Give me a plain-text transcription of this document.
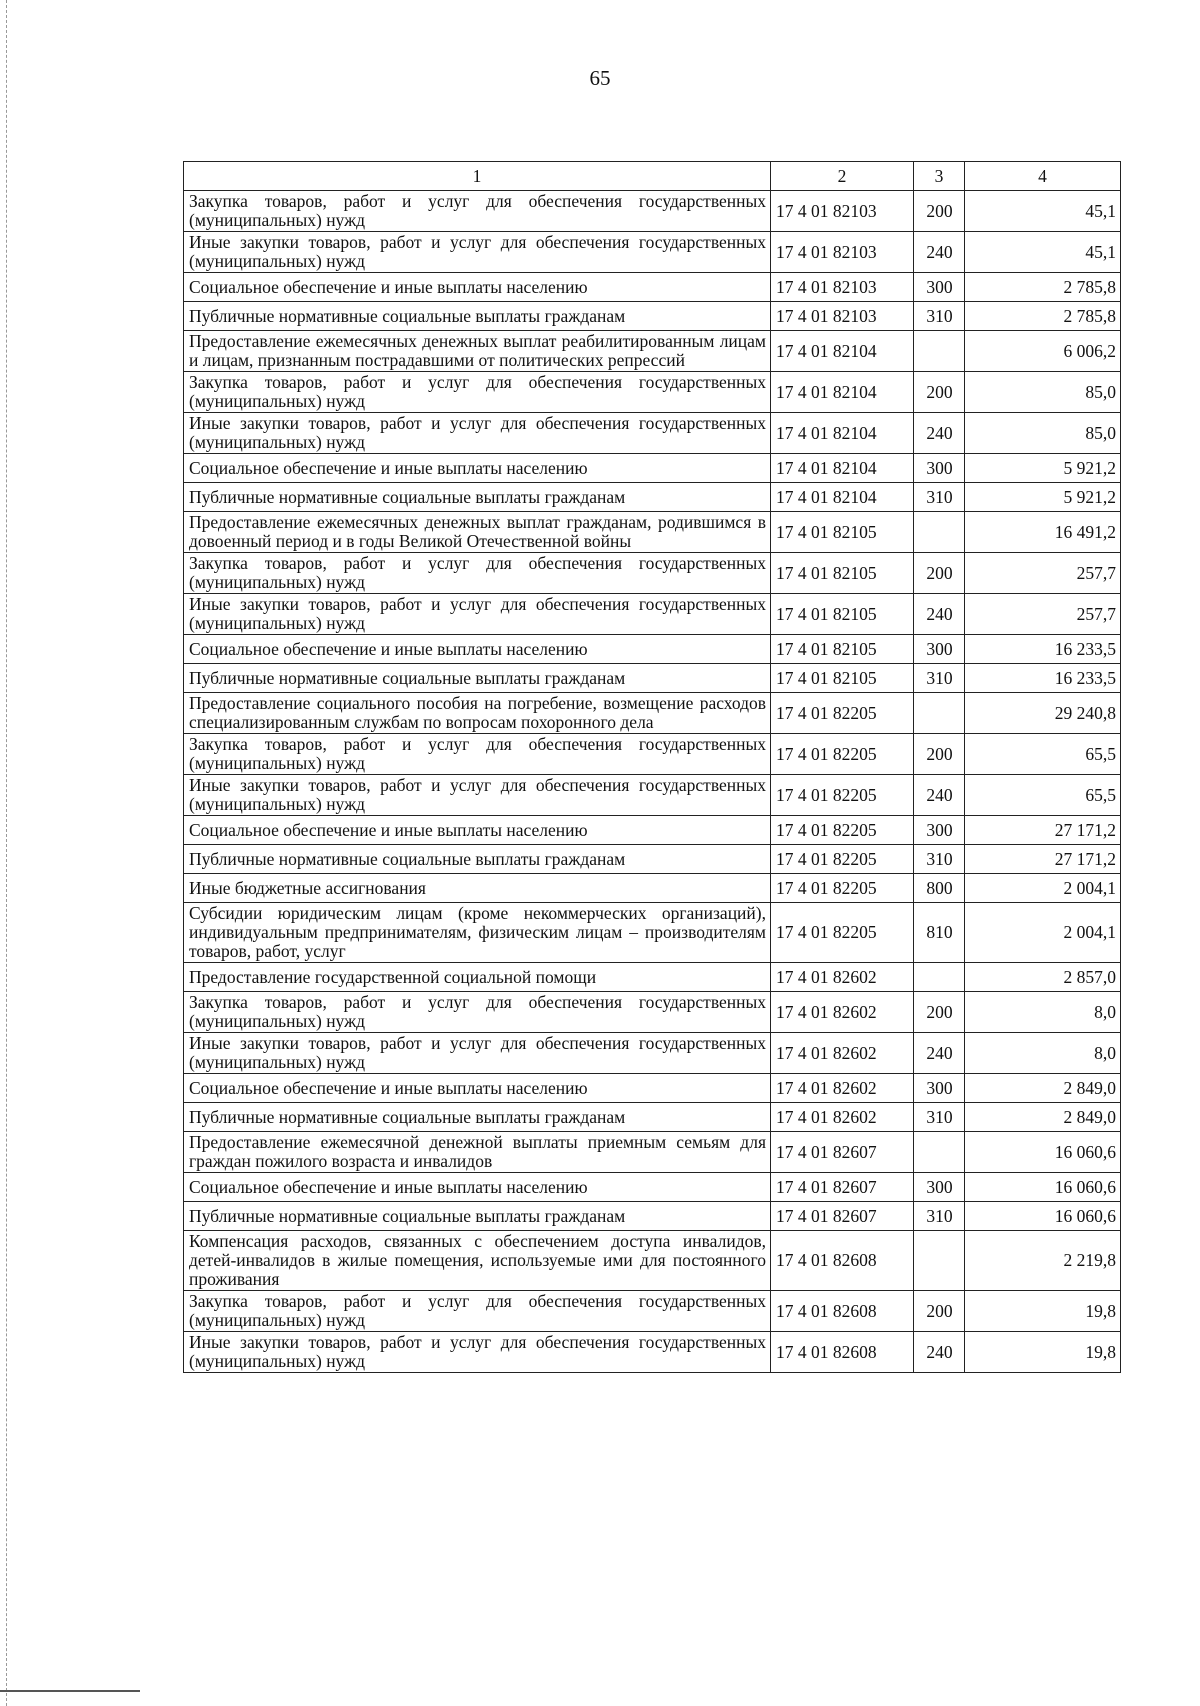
65
1	2	3	4
Закупка товаров, работ и услуг для обеспечения государственных (муниципальных) нужд	17 4 01 82103	200	45,1
Иные закупки товаров, работ и услуг для обеспечения государственных (муниципальных) нужд	17 4 01 82103	240	45,1
Социальное обеспечение и иные выплаты населению	17 4 01 82103	300	2 785,8
Публичные нормативные социальные выплаты гражданам	17 4 01 82103	310	2 785,8
Предоставление ежемесячных денежных выплат реабилитированным лицам и лицам, признанным пострадавшими от политических репрессий	17 4 01 82104		6 006,2
Закупка товаров, работ и услуг для обеспечения государственных (муниципальных) нужд	17 4 01 82104	200	85,0
Иные закупки товаров, работ и услуг для обеспечения государственных (муниципальных) нужд	17 4 01 82104	240	85,0
Социальное обеспечение и иные выплаты населению	17 4 01 82104	300	5 921,2
Публичные нормативные социальные выплаты гражданам	17 4 01 82104	310	5 921,2
Предоставление ежемесячных денежных выплат гражданам, родившимся в довоенный период и в годы Великой Отечественной войны	17 4 01 82105		16 491,2
Закупка товаров, работ и услуг для обеспечения государственных (муниципальных) нужд	17 4 01 82105	200	257,7
Иные закупки товаров, работ и услуг для обеспечения государственных (муниципальных) нужд	17 4 01 82105	240	257,7
Социальное обеспечение и иные выплаты населению	17 4 01 82105	300	16 233,5
Публичные нормативные социальные выплаты гражданам	17 4 01 82105	310	16 233,5
Предоставление социального пособия на погребение, возмещение расходов специализированным службам по вопросам похоронного дела	17 4 01 82205		29 240,8
Закупка товаров, работ и услуг для обеспечения государственных (муниципальных) нужд	17 4 01 82205	200	65,5
Иные закупки товаров, работ и услуг для обеспечения государственных (муниципальных) нужд	17 4 01 82205	240	65,5
Социальное обеспечение и иные выплаты населению	17 4 01 82205	300	27 171,2
Публичные нормативные социальные выплаты гражданам	17 4 01 82205	310	27 171,2
Иные бюджетные ассигнования	17 4 01 82205	800	2 004,1
Субсидии юридическим лицам (кроме некоммерческих организаций), индивидуальным предпринимателям, физическим лицам – производителям товаров, работ, услуг	17 4 01 82205	810	2 004,1
Предоставление государственной социальной помощи	17 4 01 82602		2 857,0
Закупка товаров, работ и услуг для обеспечения государственных (муниципальных) нужд	17 4 01 82602	200	8,0
Иные закупки товаров, работ и услуг для обеспечения государственных (муниципальных) нужд	17 4 01 82602	240	8,0
Социальное обеспечение и иные выплаты населению	17 4 01 82602	300	2 849,0
Публичные нормативные социальные выплаты гражданам	17 4 01 82602	310	2 849,0
Предоставление ежемесячной денежной выплаты приемным семьям для граждан пожилого возраста и инвалидов	17 4 01 82607		16 060,6
Социальное обеспечение и иные выплаты населению	17 4 01 82607	300	16 060,6
Публичные нормативные социальные выплаты гражданам	17 4 01 82607	310	16 060,6
Компенсация расходов, связанных с обеспечением доступа инвалидов, детей-инвалидов в жилые помещения, используемые ими для постоянного проживания	17 4 01 82608		2 219,8
Закупка товаров, работ и услуг для обеспечения государственных (муниципальных) нужд	17 4 01 82608	200	19,8
Иные закупки товаров, работ и услуг для обеспечения государственных (муниципальных) нужд	17 4 01 82608	240	19,8
